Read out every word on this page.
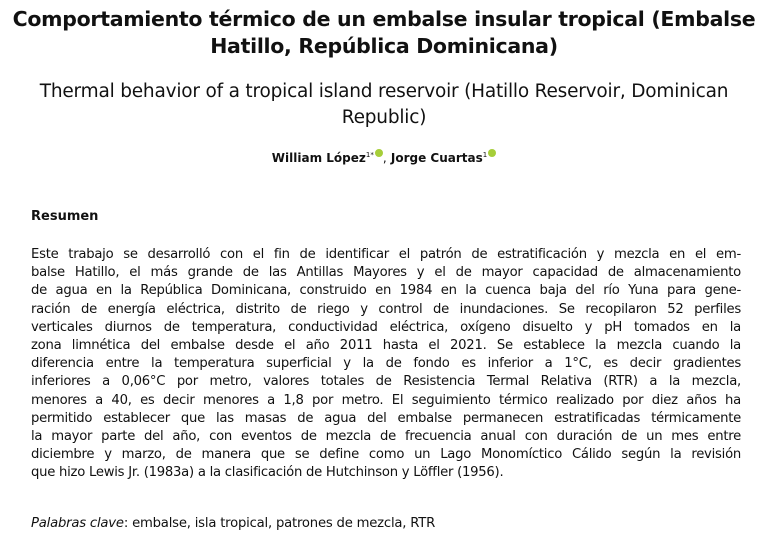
Comportamiento térmico de un embalse insular tropical (Embalse
Hatillo, República Dominicana)
Thermal behavior of a tropical island reservoir (Hatillo Reservoir, Dominican
Republic)
William López$^{1*}$ , Jorge Cuartas$^1$
Resumen
Este trabajo se desarrolló con el fin de identificar el patrón de estratificación y mezcla en el em-
balse Hatillo, el más grande de las Antillas Mayores y el de mayor capacidad de almacenamiento
de agua en la República Dominicana, construido en 1984 en la cuenca baja del río Yuna para gene-
ración de energía eléctrica, distrito de riego y control de inundaciones. Se recopilaron 52 perfiles
verticales diurnos de temperatura, conductividad eléctrica, oxígeno disuelto y pH tomados en la
zona limnética del embalse desde el año 2011 hasta el 2021. Se establece la mezcla cuando la
diferencia entre la temperatura superficial y la de fondo es inferior a 1°C, es decir gradientes
inferiores a 0,06°C por metro, valores totales de Resistencia Termal Relativa (RTR) a la mezcla,
menores a 40, es decir menores a 1,8 por metro. El seguimiento térmico realizado por diez años ha
permitido establecer que las masas de agua del embalse permanecen estratificadas térmicamente
la mayor parte del año, con eventos de mezcla de frecuencia anual con duración de un mes entre
diciembre y marzo, de manera que se define como un Lago Monomíctico Cálido según la revisión
que hizo Lewis Jr. (1983a) a la clasificación de Hutchinson y Löffler (1956).
Palabras clave: embalse, isla tropical, patrones de mezcla, RTR
